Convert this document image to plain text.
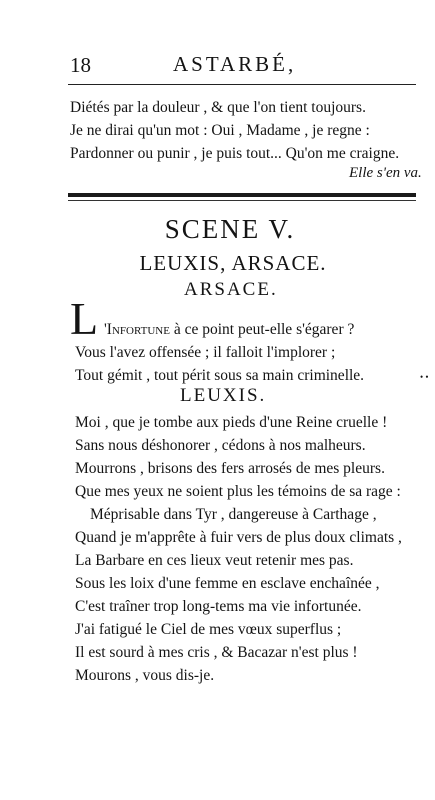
18	ASTARBÉ,
Diétés par la douleur , & que l'on tient toujours.
Je ne dirai qu'un mot : Oui , Madame , je regne :
Pardonner ou punir , je puis tout... Qu'on me craigne.
Elle s'en va.
SCENE V.
LEUXIS, ARSACE.
ARSACE.
L 'Infortune à ce point peut-elle s'égarer ?
Vous l'avez offensée ; il falloit l'implorer ;
Tout gémit , tout périt sous sa main criminelle.	• •
LEUXIS.
Moi , que je tombe aux pieds d'une Reine cruelle !
Sans nous déshonorer , cédons à nos malheurs.
Mourrons , brisons des fers arrosés de mes pleurs.
Que mes yeux ne soient plus les témoins de sa rage :
Méprisable dans Tyr , dangereuse à Carthage ,
Quand je m'apprête à fuir vers de plus doux climats ,
La Barbare en ces lieux veut retenir mes pas.
Sous les loix d'une femme en esclave enchaînée ,
C'est traîner trop long-tems ma vie infortunée.
J'ai fatigué le Ciel de mes vœux superflus ;
Il est sourd à mes cris , & Bacazar n'est plus !
Mourons , vous dis-je.
